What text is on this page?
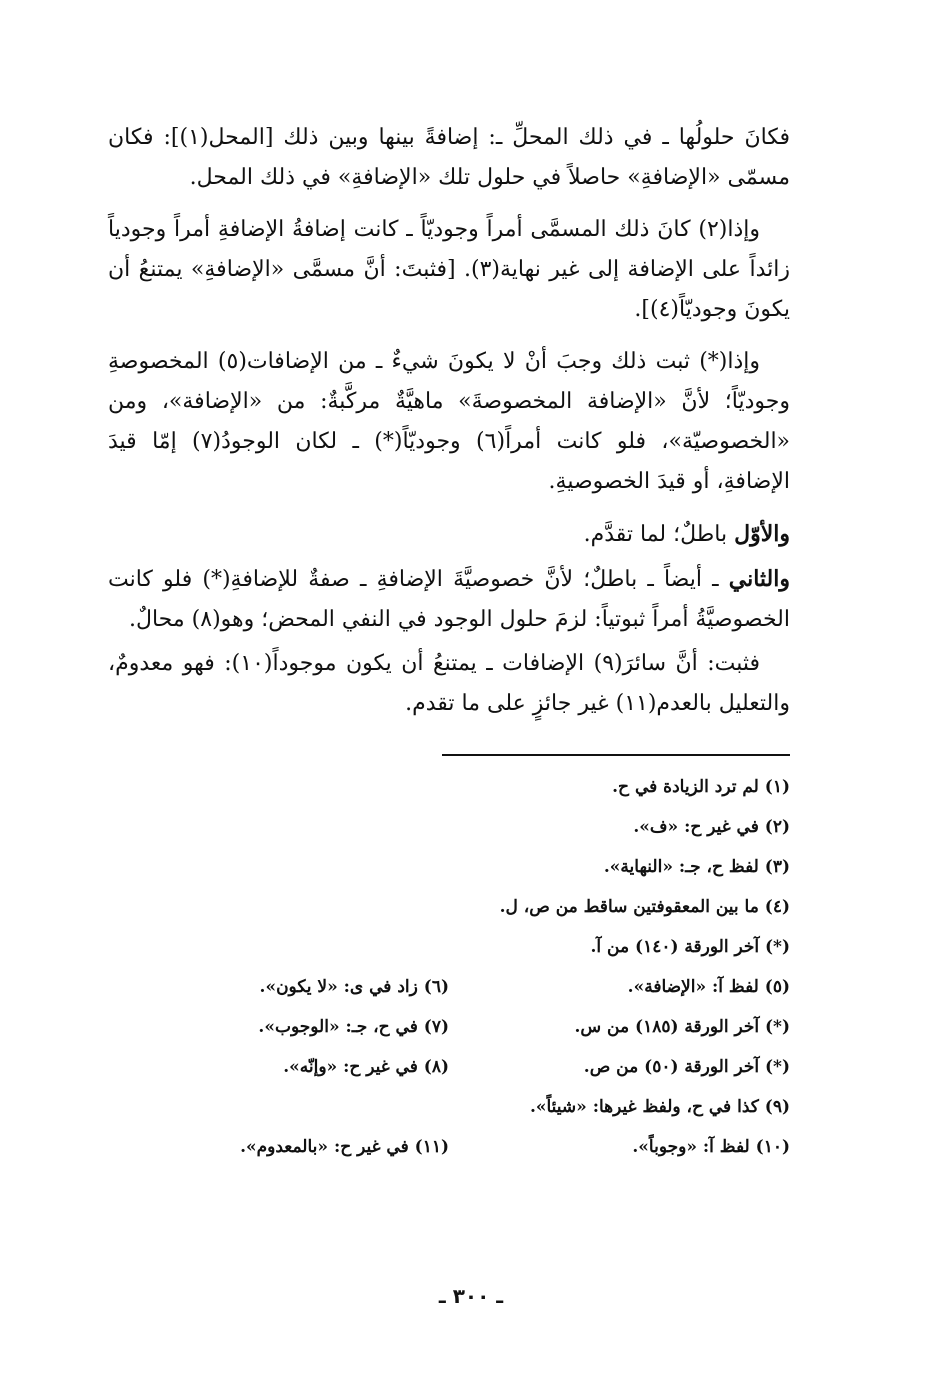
فكانَ حلولُها ـ في ذلك المحلِّ ـ: إضافةً بينها وبين ذلك [المحل(١)]: فكان مسمّى «الإضافةِ» حاصلاً في حلول تلك «الإضافةِ» في ذلك المحل.

وإذا(٢) كانَ ذلك المسمَّى أمراً وجوديّاً ـ كانت إضافةُ الإضافةِ أمراً وجودياً زائداً على الإضافة إلى غير نهاية(٣). [فثبتَ: أنَّ مسمَّى «الإضافةِ» يمتنعُ أن يكونَ وجوديّاً(٤)].

وإذا(*) ثبت ذلك وجبَ أنْ لا يكونَ شيءٌ ـ من الإضافات(٥) المخصوصةِ وجوديّاً؛ لأنَّ «الإضافة المخصوصةَ» ماهيَّةٌ مركَّبةٌ: من «الإضافة»، ومن «الخصوصيّة»، فلو كانت أمراً(٦) وجوديّاً(*) ـ لكان الوجودُ(٧) إمّا قيدَ الإضافةِ، أو قيدَ الخصوصيةِ.

والأوّل باطلٌ؛ لما تقدَّم.

والثاني ـ أيضاً ـ باطلٌ؛ لأنَّ خصوصيَّةَ الإضافةِ ـ صفةٌ للإضافةِ(*) فلو كانت الخصوصيَّةُ أمراً ثبوتياً: لزمَ حلول الوجود في النفي المحض؛ وهو(٨) محالٌ.

فثبت: أنَّ سائرَ(٩) الإضافات ـ يمتنعُ أن يكون موجوداً(١٠): فهو معدومٌ، والتعليل بالعدم(١١) غير جائزٍ على ما تقدم.

(١) لم ترد الزيادة في ح.
(٢) في غير ح: «ف».
(٣) لفظ ح، جـ: «النهاية».
(٤) ما بين المعقوفتين ساقط من ص، ل.
(*) آخر الورقة (١٤٠) من آ.
(٥) لفظ آ: «الإضافة».
(٦) زاد في ى: «لا يكون».
(*) آخر الورقة (١٨٥) من س.
(٧) في ح، جـ: «الوجوب».
(*) آخر الورقة (٥٠) من ص.
(٨) في غير ح: «وإنّه».
(٩) كذا في ح، ولفظ غيرها: «شيئاً».
(١٠) لفظ آ: «وجوباً».
(١١) في غير ح: «بالمعدوم».
ـ ٣٠٠ ـ
